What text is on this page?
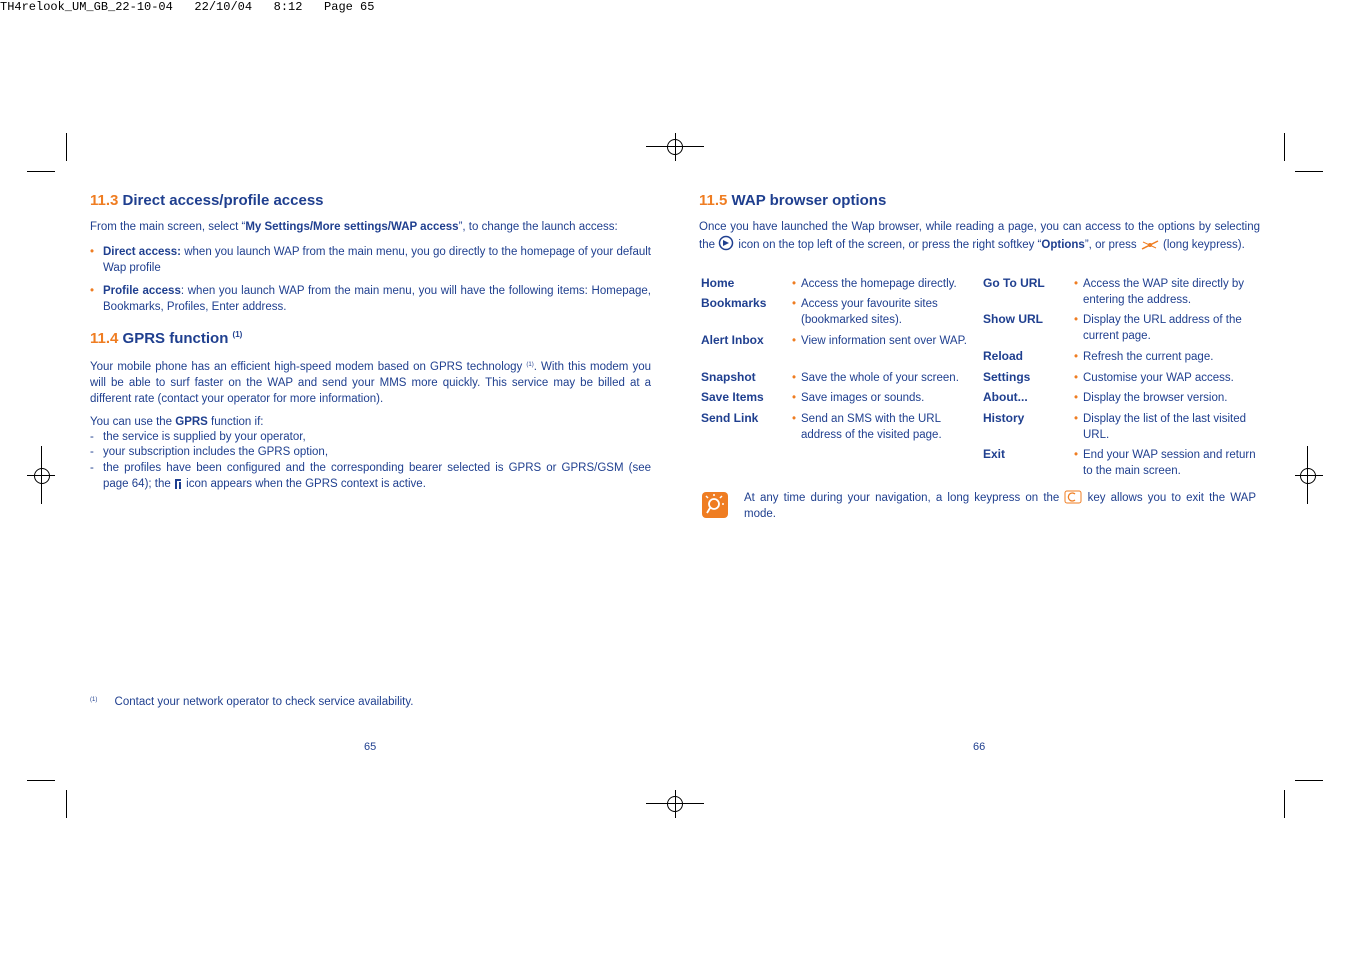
TH4relook_UM_GB_22-10-04   22/10/04   8:12   Page 65
11.3 Direct access/profile access
From the main screen, select “My Settings/More settings/WAP access”, to change the launch access:
• Direct access: when you launch WAP from the main menu, you go directly to the homepage of your default Wap profile
• Profile access: when you launch WAP from the main menu, you will have the following items: Homepage, Bookmarks, Profiles, Enter address.
11.4 GPRS function $^{(1)}$
Your mobile phone has an efficient high-speed modem based on GPRS technology $^{(1)}$. With this modem you will be able to surf faster on the WAP and send your MMS more quickly. This service may be billed at a different rate (contact your operator for more information).
You can use the GPRS function if:
- the service is supplied by your operator,
- your subscription includes the GPRS option,
- the profiles have been configured and the corresponding bearer selected is GPRS or GPRS/GSM (see page 64); the  icon appears when the GPRS context is active.
$^{(1)}$ Contact your network operator to check service availability.
65
11.5 WAP browser options
Once you have launched the Wap browser, while reading a page, you can access to the options by selecting the  icon on the top left of the screen, or press the right softkey “Options”, or press  (long keypress).
Home	• Access the homepage directly.
Bookmarks • Access your favourite sites (bookmarked sites).
Alert Inbox • View information sent over WAP.
Snapshot	• Save the whole of your screen.
Save Items • Save images or sounds.
Send Link	• Send an SMS with the URL address of the visited page.
Go To URL	• Access the WAP site directly by entering the address.
Show URL	• Display the URL address of the current page.
Reload	• Refresh the current page.
Settings	• Customise your WAP access.
About...	• Display the browser version.
History	• Display the list of the last visited URL.
Exit	• End your WAP session and return to the main screen.
At any time during your navigation, a long keypress on the  key allows you to exit the WAP mode.
66
